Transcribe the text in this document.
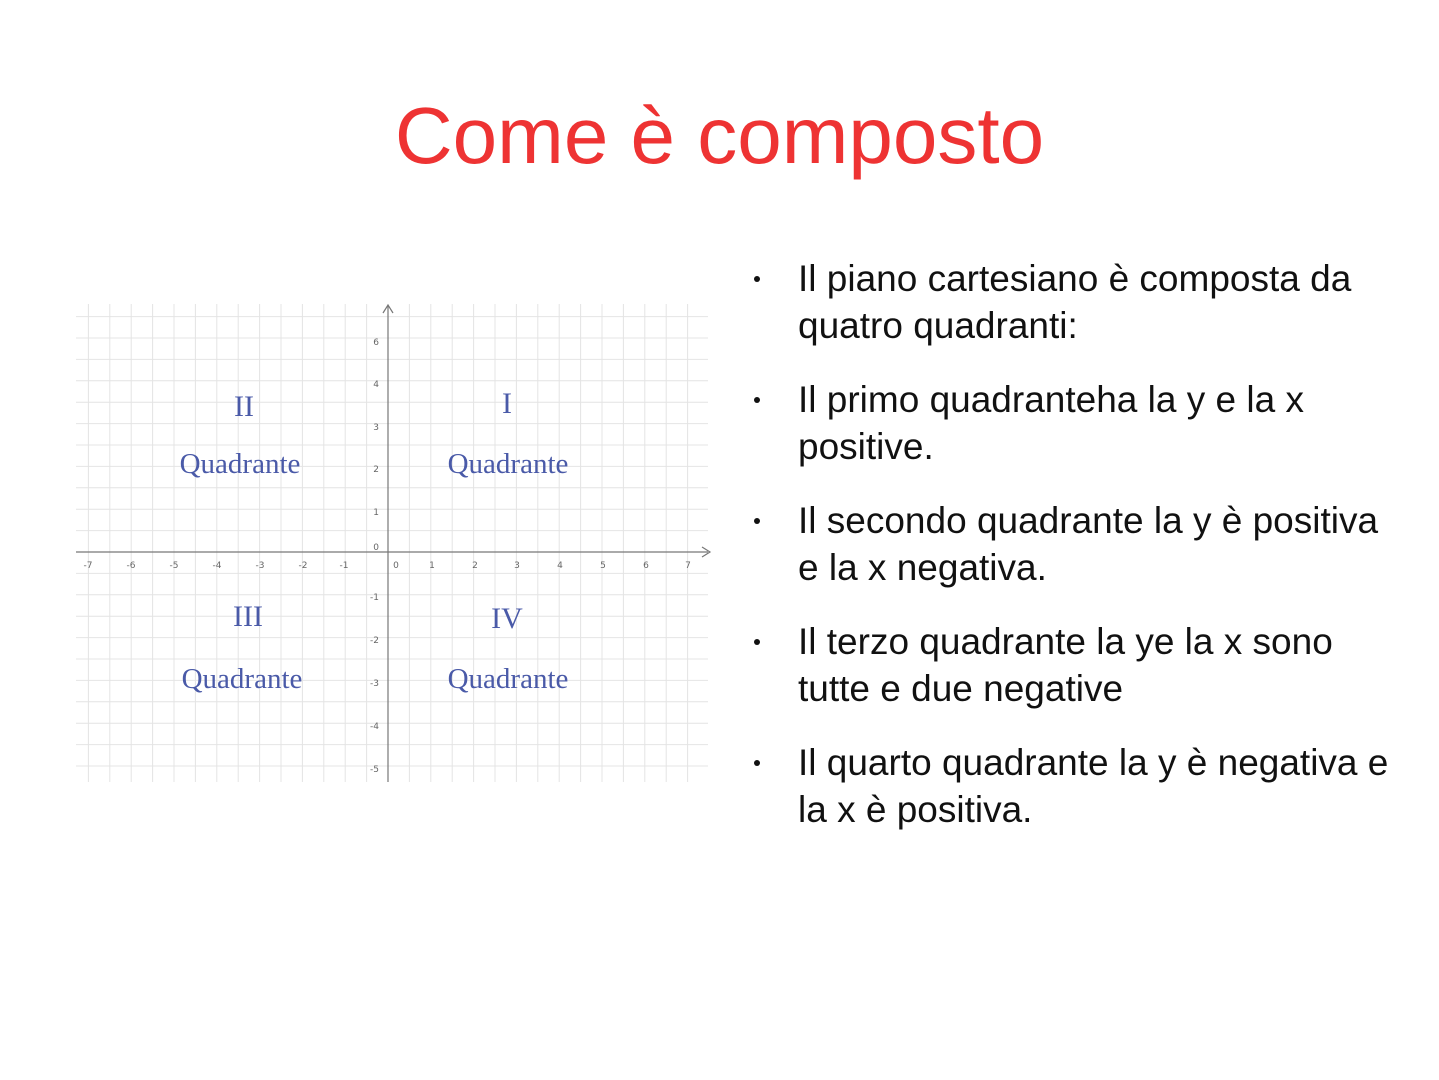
Come è composto
-7	-6	-5	-4	-3	-2	-1	0	1	2	3	4	5	6	7
6
4
3
2
1
0
-1
-2
-3
-4
-5
II
Quadrante
I
Quadrante
III
Quadrante
IV
Quadrante
Il piano cartesiano è composta da quatro quadranti:
Il primo quadranteha la y e la x positive.
Il secondo quadrante la y è positiva e la x negativa.
Il terzo quadrante la ye la x sono tutte e due negative
Il quarto quadrante la y è negativa e la x è positiva.
